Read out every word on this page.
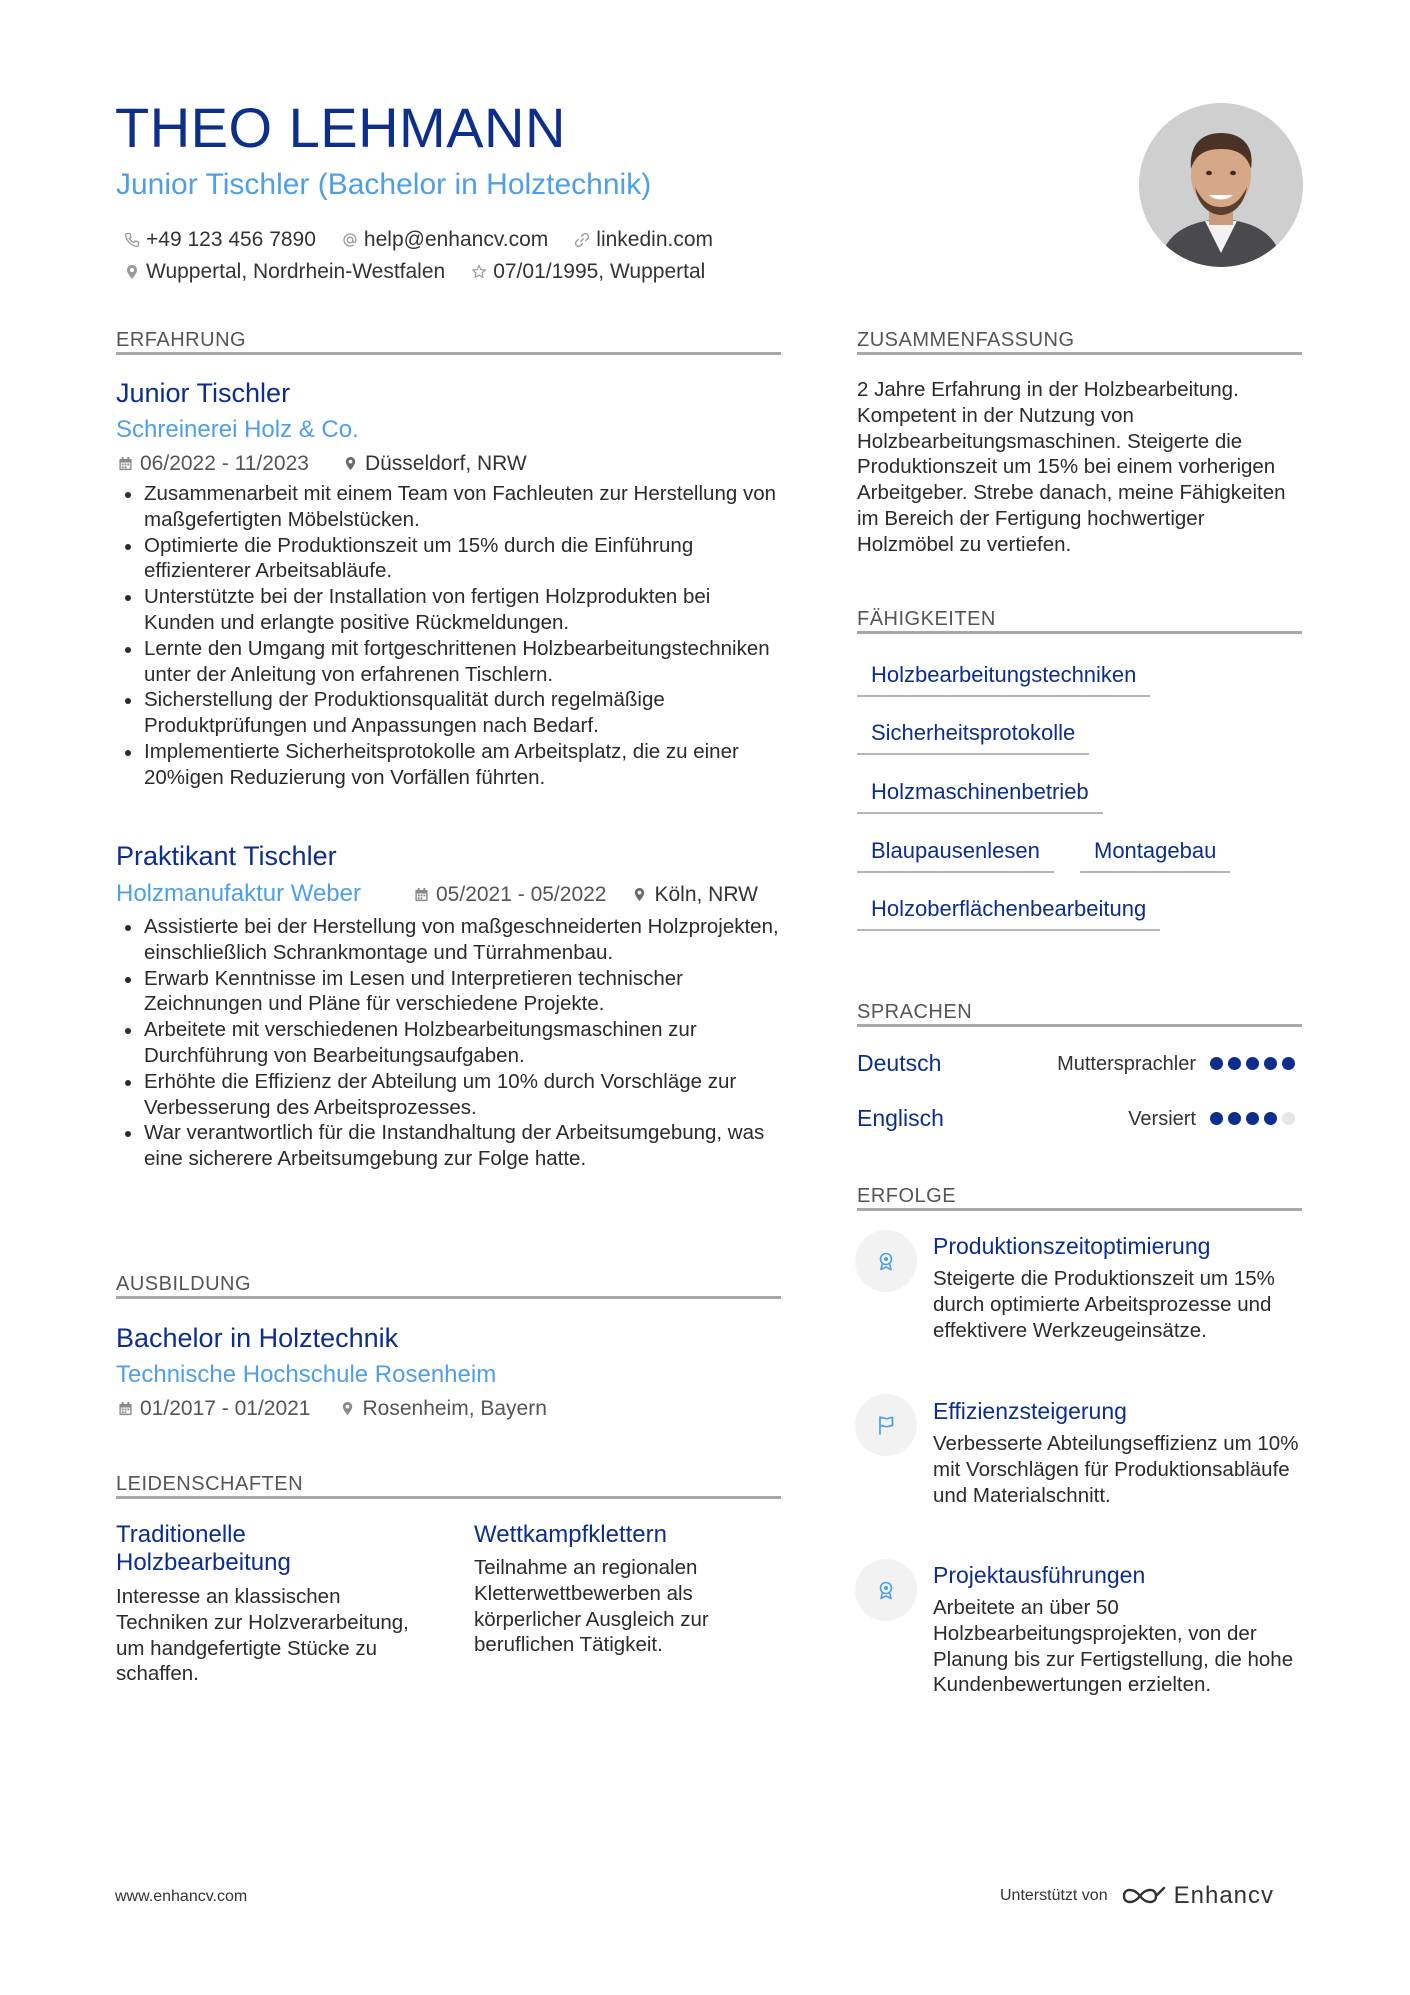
THEO LEHMANN
Junior Tischler (Bachelor in Holztechnik)
+49 123 456 7890 help@enhancv.com linkedin.com
Wuppertal, Nordrhein-Westfalen 07/01/1995, Wuppertal
ERFAHRUNG
Junior Tischler
Schreinerei Holz & Co.
06/2022 - 11/2023	Düsseldorf, NRW
Zusammenarbeit mit einem Team von Fachleuten zur Herstellung von maßgefertigten Möbelstücken.
Optimierte die Produktionszeit um 15% durch die Einführung effizienterer Arbeitsabläufe.
Unterstützte bei der Installation von fertigen Holzprodukten bei Kunden und erlangte positive Rückmeldungen.
Lernte den Umgang mit fortgeschrittenen Holzbearbeitungstechniken unter der Anleitung von erfahrenen Tischlern.
Sicherstellung der Produktionsqualität durch regelmäßige Produktprüfungen und Anpassungen nach Bedarf.
Implementierte Sicherheitsprotokolle am Arbeitsplatz, die zu einer 20%igen Reduzierung von Vorfällen führten.
Praktikant Tischler
Holzmanufaktur Weber	05/2021 - 05/2022 Köln, NRW
Assistierte bei der Herstellung von maßgeschneiderten Holzprojekten, einschließlich Schrankmontage und Türrahmenbau.
Erwarb Kenntnisse im Lesen und Interpretieren technischer Zeichnungen und Pläne für verschiedene Projekte.
Arbeitete mit verschiedenen Holzbearbeitungsmaschinen zur Durchführung von Bearbeitungsaufgaben.
Erhöhte die Effizienz der Abteilung um 10% durch Vorschläge zur Verbesserung des Arbeitsprozesses.
War verantwortlich für die Instandhaltung der Arbeitsumgebung, was eine sicherere Arbeitsumgebung zur Folge hatte.
AUSBILDUNG
Bachelor in Holztechnik
Technische Hochschule Rosenheim
01/2017 - 01/2021 Rosenheim, Bayern
LEIDENSCHAFTEN
Traditionelle Holzbearbeitung
Interesse an klassischen Techniken zur Holzverarbeitung, um handgefertigte Stücke zu schaffen.
Wettkampfklettern
Teilnahme an regionalen Kletterwettbewerben als körperlicher Ausgleich zur beruflichen Tätigkeit.
ZUSAMMENFASSUNG
2 Jahre Erfahrung in der Holzbearbeitung. Kompetent in der Nutzung von Holzbearbeitungsmaschinen. Steigerte die Produktionszeit um 15% bei einem vorherigen Arbeitgeber. Strebe danach, meine Fähigkeiten im Bereich der Fertigung hochwertiger Holzmöbel zu vertiefen.
FÄHIGKEITEN
Holzbearbeitungstechniken
Sicherheitsprotokolle
Holzmaschinenbetrieb
Blaupausenlesen	Montagebau
Holzoberflächenbearbeitung
SPRACHEN
Deutsch	Muttersprachler
Englisch	Versiert
ERFOLGE
Produktionszeitoptimierung
Steigerte die Produktionszeit um 15% durch optimierte Arbeitsprozesse und effektivere Werkzeugeinsätze.
Effizienzsteigerung
Verbesserte Abteilungseffizienz um 10% mit Vorschlägen für Produktionsabläufe und Materialschnitt.
Projektausführungen
Arbeitete an über 50 Holzbearbeitungsprojekten, von der Planung bis zur Fertigstellung, die hohe Kundenbewertungen erzielten.
www.enhancv.com	Unterstützt von	Enhancv
